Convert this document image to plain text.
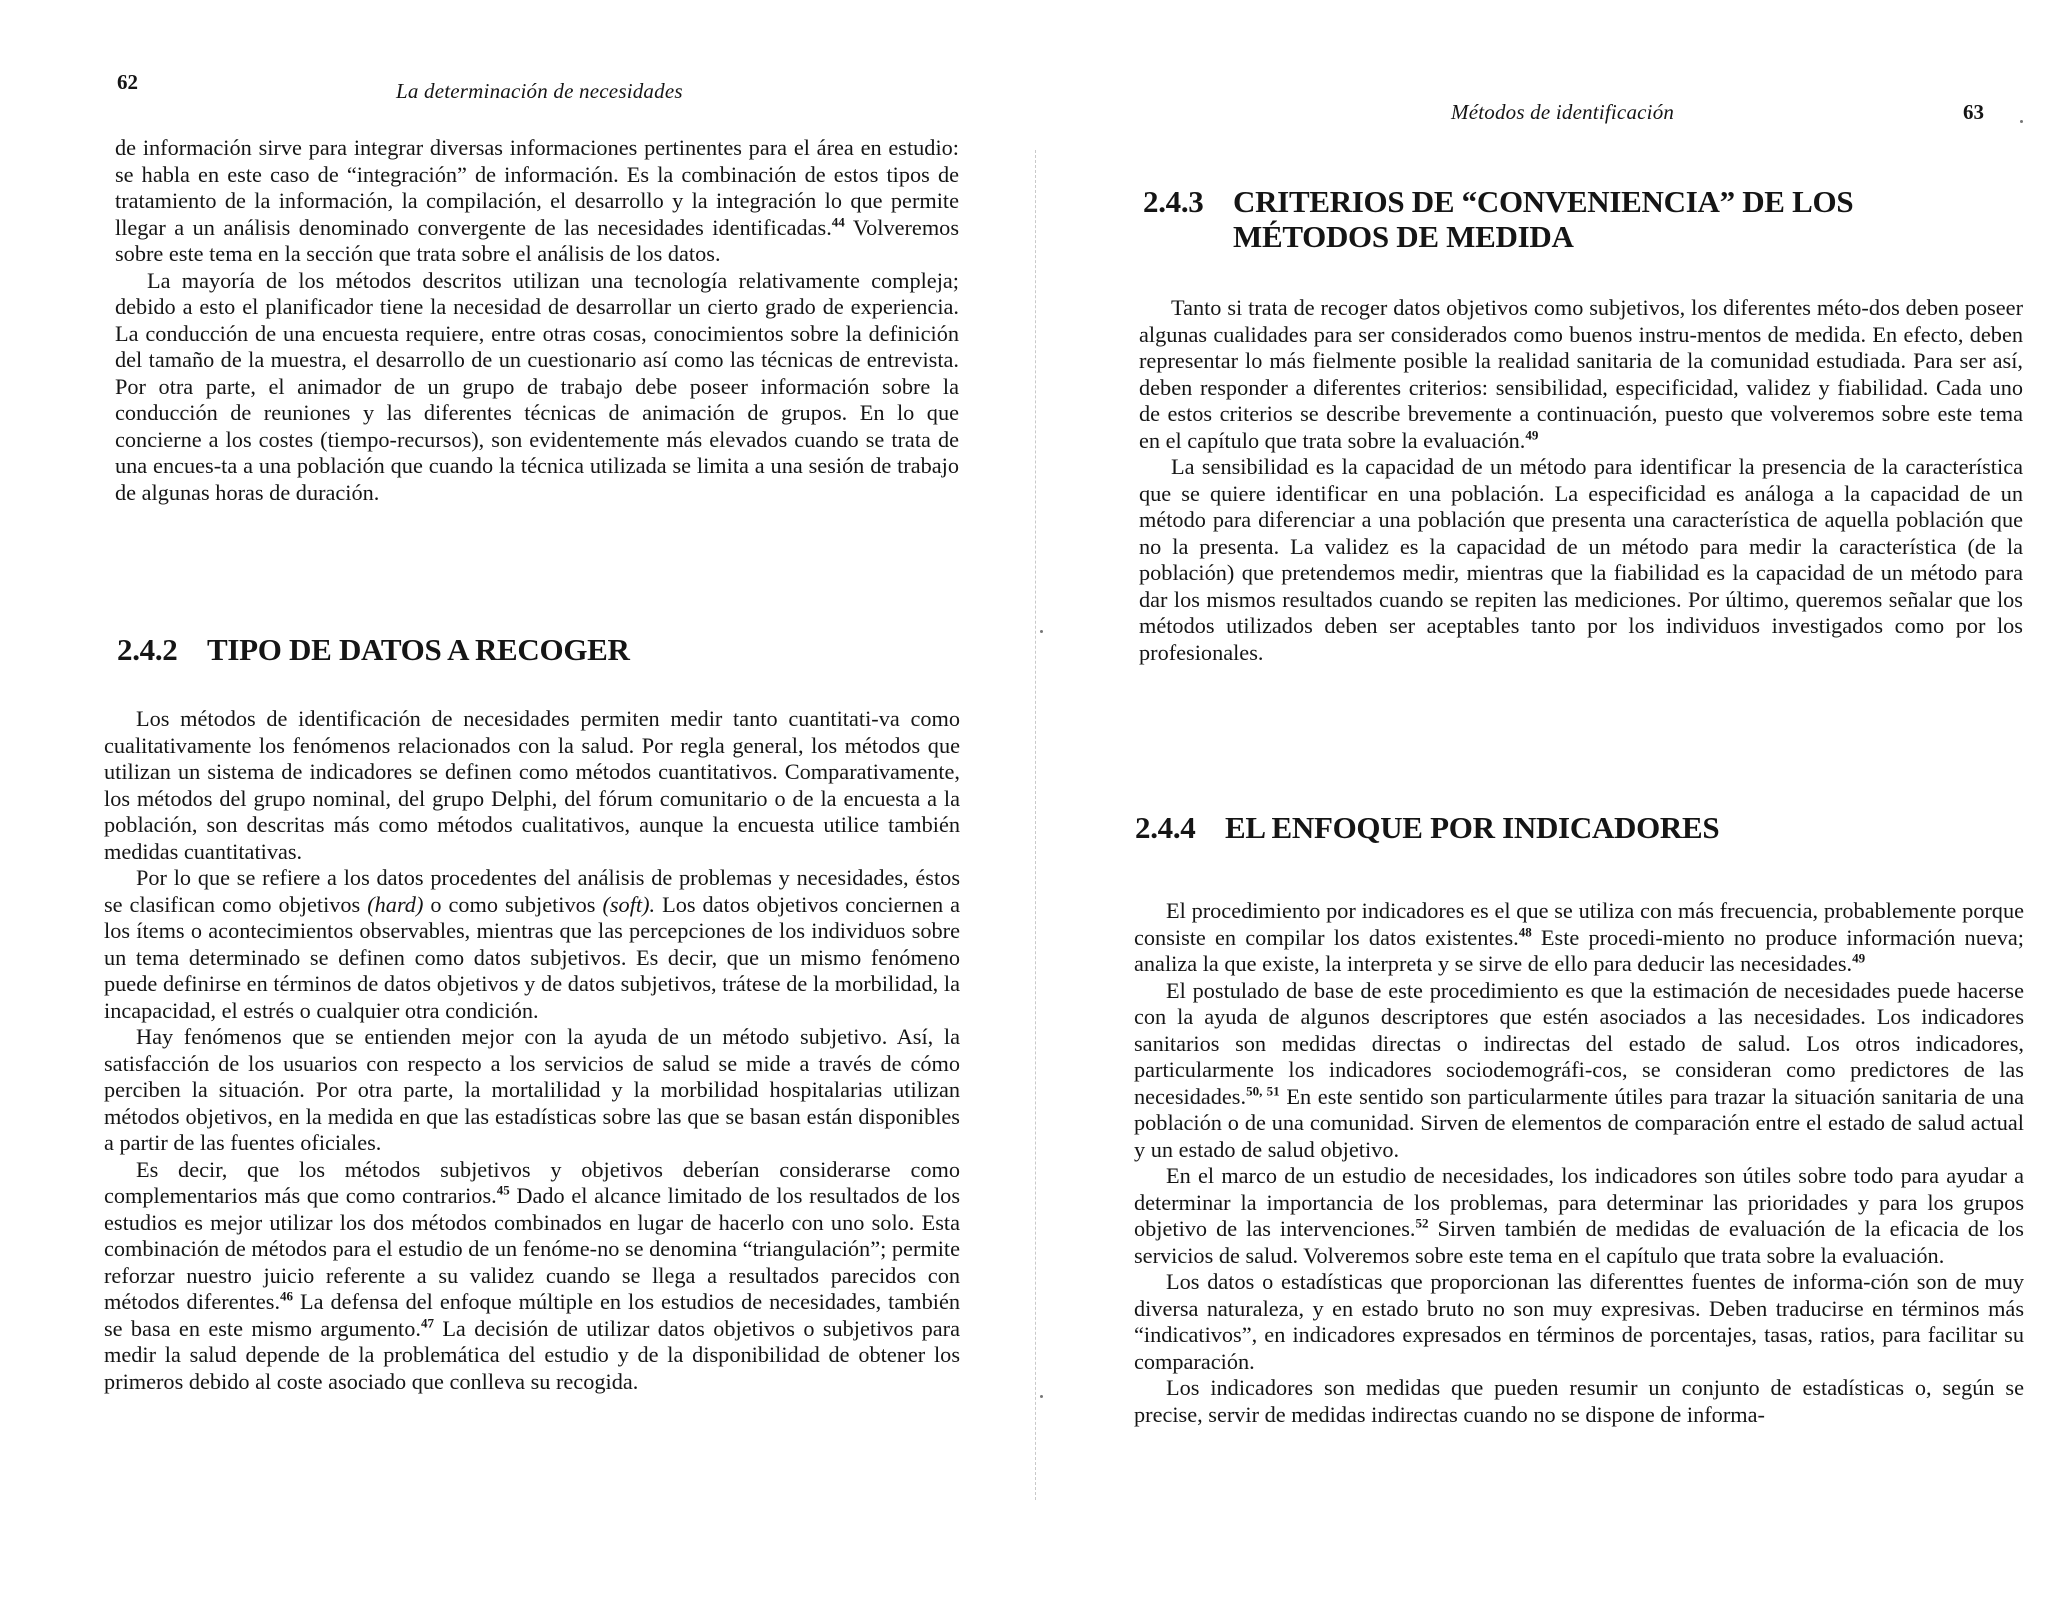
62	La determinación de necesidades

de información sirve para integrar diversas informaciones pertinentes para el área en estudio: se habla en este caso de “integración” de información. Es la combinación de estos tipos de tratamiento de la información, la compilación, el desarrollo y la integración lo que permite llegar a un análisis denominado convergente de las necesidades identificadas.$^{44}$ Volveremos sobre este tema en la sección que trata sobre el análisis de los datos.

La mayoría de los métodos descritos utilizan una tecnología relativamente compleja; debido a esto el planificador tiene la necesidad de desarrollar un cierto grado de experiencia. La conducción de una encuesta requiere, entre otras cosas, conocimientos sobre la definición del tamaño de la muestra, el desarrollo de un cuestionario así como las técnicas de entrevista. Por otra parte, el animador de un grupo de trabajo debe poseer información sobre la conducción de reuniones y las diferentes técnicas de animación de grupos. En lo que concierne a los costes (tiempo-recursos), son evidentemente más elevados cuando se trata de una encues-ta a una población que cuando la técnica utilizada se limita a una sesión de trabajo de algunas horas de duración.

2.4.2 TIPO DE DATOS A RECOGER

Los métodos de identificación de necesidades permiten medir tanto cuantitati-va como cualitativamente los fenómenos relacionados con la salud. Por regla general, los métodos que utilizan un sistema de indicadores se definen como métodos cuantitativos. Comparativamente, los métodos del grupo nominal, del grupo Delphi, del fórum comunitario o de la encuesta a la población, son descritas más como métodos cualitativos, aunque la encuesta utilice también medidas cuantitativas.

Por lo que se refiere a los datos procedentes del análisis de problemas y necesidades, éstos se clasifican como objetivos (hard) o como subjetivos (soft). Los datos objetivos conciernen a los ítems o acontecimientos observables, mientras que las percepciones de los individuos sobre un tema determinado se definen como datos subjetivos. Es decir, que un mismo fenómeno puede definirse en términos de datos objetivos y de datos subjetivos, trátese de la morbilidad, la incapacidad, el estrés o cualquier otra condición.

Hay fenómenos que se entienden mejor con la ayuda de un método subjetivo. Así, la satisfacción de los usuarios con respecto a los servicios de salud se mide a través de cómo perciben la situación. Por otra parte, la mortalilidad y la morbilidad hospitalarias utilizan métodos objetivos, en la medida en que las estadísticas sobre las que se basan están disponibles a partir de las fuentes oficiales.

Es decir, que los métodos subjetivos y objetivos deberían considerarse como complementarios más que como contrarios.$^{45}$ Dado el alcance limitado de los resultados de los estudios es mejor utilizar los dos métodos combinados en lugar de hacerlo con uno solo. Esta combinación de métodos para el estudio de un fenóme-no se denomina “triangulación”; permite reforzar nuestro juicio referente a su validez cuando se llega a resultados parecidos con métodos diferentes.$^{46}$ La defensa del enfoque múltiple en los estudios de necesidades, también se basa en este mismo argumento.$^{47}$ La decisión de utilizar datos objetivos o subjetivos para medir la salud depende de la problemática del estudio y de la disponibilidad de obtener los primeros debido al coste asociado que conlleva su recogida.

Métodos de identificación	63
2.4.3 CRITERIOS DE “CONVENIENCIA” DE LOS MÉTODOS DE MEDIDA

Tanto si trata de recoger datos objetivos como subjetivos, los diferentes méto-dos deben poseer algunas cualidades para ser considerados como buenos instru-mentos de medida. En efecto, deben representar lo más fielmente posible la realidad sanitaria de la comunidad estudiada. Para ser así, deben responder a diferentes criterios: sensibilidad, especificidad, validez y fiabilidad. Cada uno de estos criterios se describe brevemente a continuación, puesto que volveremos sobre este tema en el capítulo que trata sobre la evaluación.$^{49}$

La sensibilidad es la capacidad de un método para identificar la presencia de la característica que se quiere identificar en una población. La especificidad es análoga a la capacidad de un método para diferenciar a una población que presenta una característica de aquella población que no la presenta. La validez es la capacidad de un método para medir la característica (de la población) que pretendemos medir, mientras que la fiabilidad es la capacidad de un método para dar los mismos resultados cuando se repiten las mediciones. Por último, queremos señalar que los métodos utilizados deben ser aceptables tanto por los individuos investigados como por los profesionales.

2.4.4 EL ENFOQUE POR INDICADORES

El procedimiento por indicadores es el que se utiliza con más frecuencia, probablemente porque consiste en compilar los datos existentes.$^{48}$ Este procedi-miento no produce información nueva; analiza la que existe, la interpreta y se sirve de ello para deducir las necesidades.$^{49}$

El postulado de base de este procedimiento es que la estimación de necesidades puede hacerse con la ayuda de algunos descriptores que estén asociados a las necesidades. Los indicadores sanitarios son medidas directas o indirectas del estado de salud. Los otros indicadores, particularmente los indicadores sociodemográfi-cos, se consideran como predictores de las necesidades.$^{50, 51}$ En este sentido son particularmente útiles para trazar la situación sanitaria de una población o de una comunidad. Sirven de elementos de comparación entre el estado de salud actual y un estado de salud objetivo.

En el marco de un estudio de necesidades, los indicadores son útiles sobre todo para ayudar a determinar la importancia de los problemas, para determinar las prioridades y para los grupos objetivo de las intervenciones.$^{52}$ Sirven también de medidas de evaluación de la eficacia de los servicios de salud. Volveremos sobre este tema en el capítulo que trata sobre la evaluación.

Los datos o estadísticas que proporcionan las diferenttes fuentes de informa-ción son de muy diversa naturaleza, y en estado bruto no son muy expresivas. Deben traducirse en términos más “indicativos”, en indicadores expresados en términos de porcentajes, tasas, ratios, para facilitar su comparación.

Los indicadores son medidas que pueden resumir un conjunto de estadísticas o, según se precise, servir de medidas indirectas cuando no se dispone de informa-
